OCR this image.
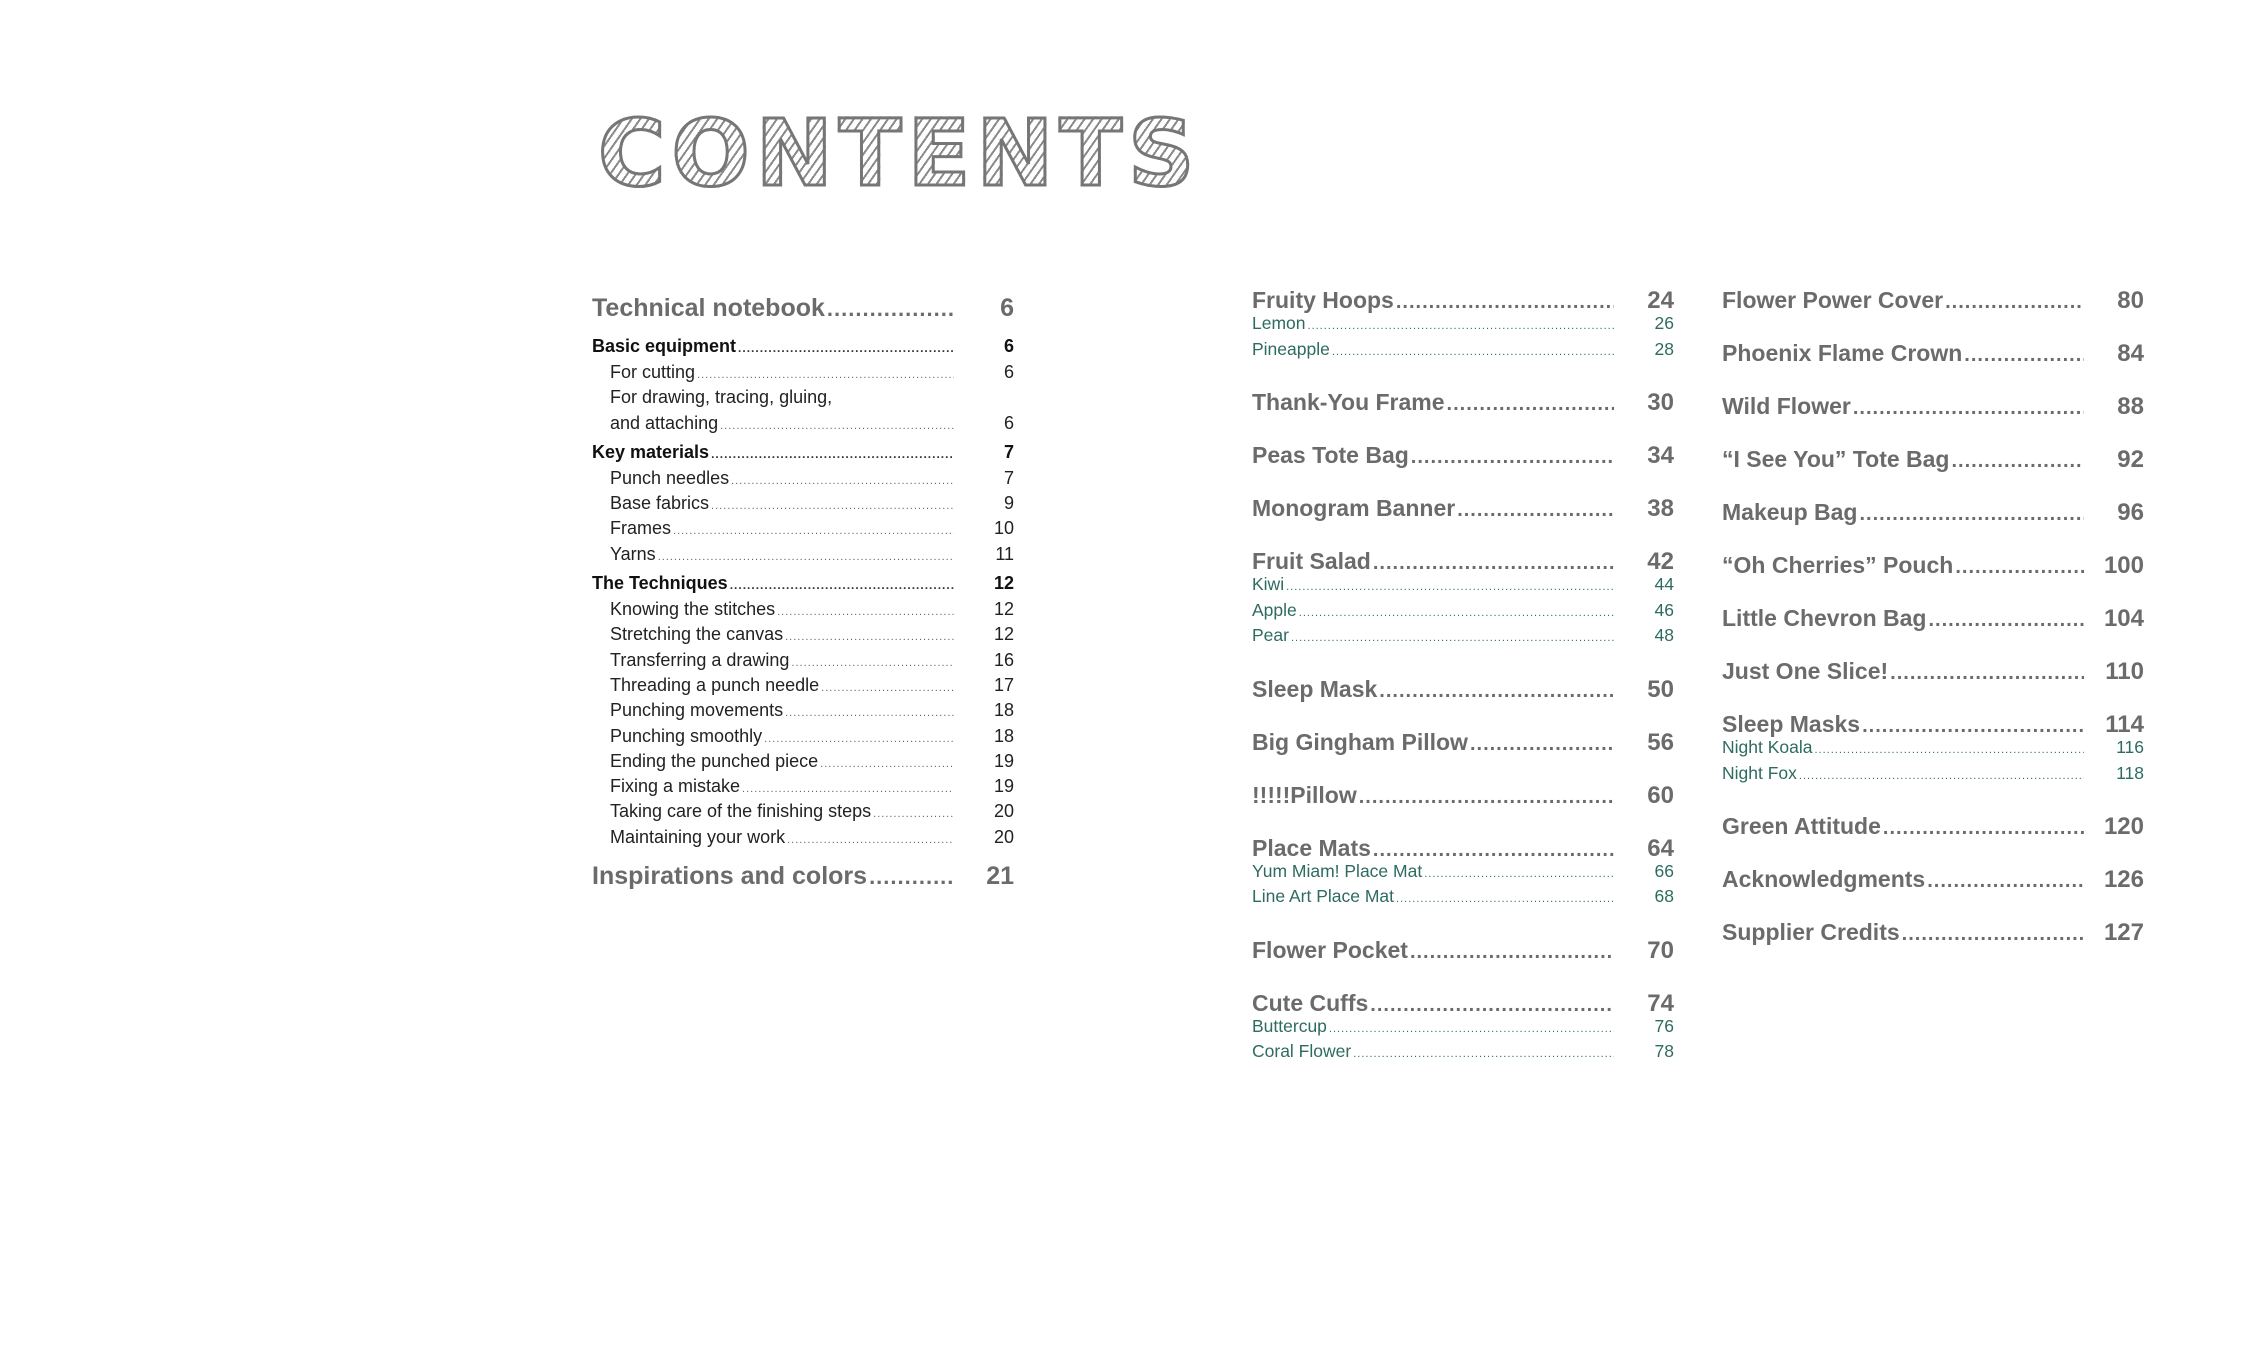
CONTENTS
Technical notebook .....	6
Basic equipment .....	6
For cutting .....	6
For drawing, tracing, gluing,
and attaching .....	6
Key materials .....	7
Punch needles .....	7
Base fabrics .....	9
Frames .....	10
Yarns .....	11
The Techniques .....	12
Knowing the stitches .....	12
Stretching the canvas .....	12
Transferring a drawing .....	16
Threading a punch needle .....	17
Punching movements .....	18
Punching smoothly .....	18
Ending the punched piece .....	19
Fixing a mistake .....	19
Taking care of the finishing steps .....	20
Maintaining your work .....	20
Inspirations and colors .....	21
Fruity Hoops .....	24
Lemon .....	26
Pineapple .....	28
Thank-You Frame .....	30
Peas Tote Bag .....	34
Monogram Banner .....	38
Fruit Salad .....	42
Kiwi .....	44
Apple .....	46
Pear .....	48
Sleep Mask .....	50
Big Gingham Pillow .....	56
!!!!!Pillow .....	60
Place Mats .....	64
Yum Miam! Place Mat .....	66
Line Art Place Mat .....	68
Flower Pocket .....	70
Cute Cuffs .....	74
Buttercup .....	76
Coral Flower .....	78
Flower Power Cover .....	80
Phoenix Flame Crown .....	84
Wild Flower .....	88
“I See You” Tote Bag .....	92
Makeup Bag .....	96
“Oh Cherries” Pouch .....	100
Little Chevron Bag .....	104
Just One Slice! .....	110
Sleep Masks .....	114
Night Koala .....	116
Night Fox .....	118
Green Attitude .....	120
Acknowledgments .....	126
Supplier Credits .....	127
